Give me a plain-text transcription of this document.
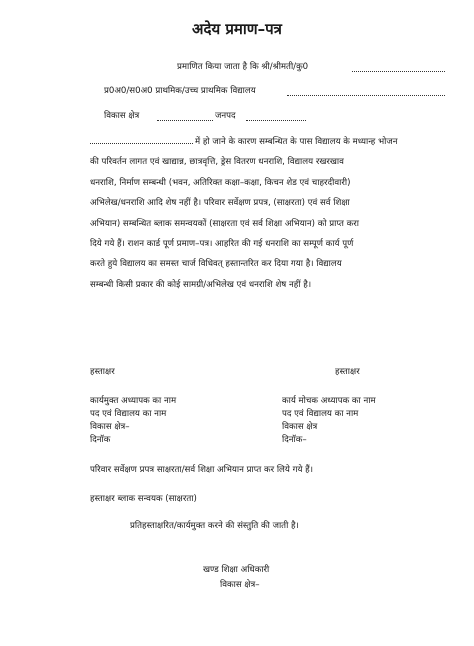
अदेय प्रमाण–पत्र
प्रमाणित किया जाता है कि श्री/श्रीमती/कु0
प्र0अ0/स0अ0 प्राथमिक/उच्च प्राथमिक विद्यालय
विकास क्षेत्र	जनपद
में हो जाने के कारण सम्बन्धित के पास विद्यालय के मध्यान्ह भोजन
की परिवर्तन लागत एवं खाद्यान्न, छात्रवृत्ति, ड्रेस वितरण धनराशि, विद्यालय रखरखाव
धनराशि, निर्माण सम्बन्धी (भवन, अतिरिक्त कक्षा–कक्षा, किचन शेड एवं चाहरदीवारी)
अभिलेख/धनराशि आदि शेष नहीं है। परिवार सर्वेक्षण प्रपत्र, (साक्षरता) एवं सर्व शिक्षा
अभियान) सम्बन्धित ब्लाक समन्वयकों (साक्षरता एवं सर्व शिक्षा अभियान) को प्राप्त करा
दिये गये हैं। राशन कार्ड पूर्ण प्रमाण–पत्र। आहरित की गई धनराशि का सम्पूर्ण कार्य पूर्ण
करते हुये विद्यालय का समस्त चार्ज विधिवत् हस्तान्तरित कर दिया गया है। विद्यालय
सम्बन्धी किसी प्रकार की कोई सामग्री/अभिलेख एवं धनराशि शेष नहीं है।
हस्ताक्षर
कार्यमुक्त अध्यापक का नाम
पद एवं विद्यालय का नाम
विकास क्षेत्र–
दिनॉक
हस्ताक्षर
कार्य मोचक अध्यापक का नाम
पद एवं विद्यालय का नाम
विकास क्षेत्र
दिनॉक–
परिवार सर्वेक्षण प्रपत्र साक्षरता/सर्व शिक्षा अभियान प्राप्त कर लिये गये हैं।
हस्ताक्षर ब्लाक सन्वयक (साक्षरता)
प्रतिहस्ताक्षरित/कार्यमुक्त करने की संस्तुति की जाती है।
खण्ड शिक्षा अधिकारी
विकास क्षेत्र–
